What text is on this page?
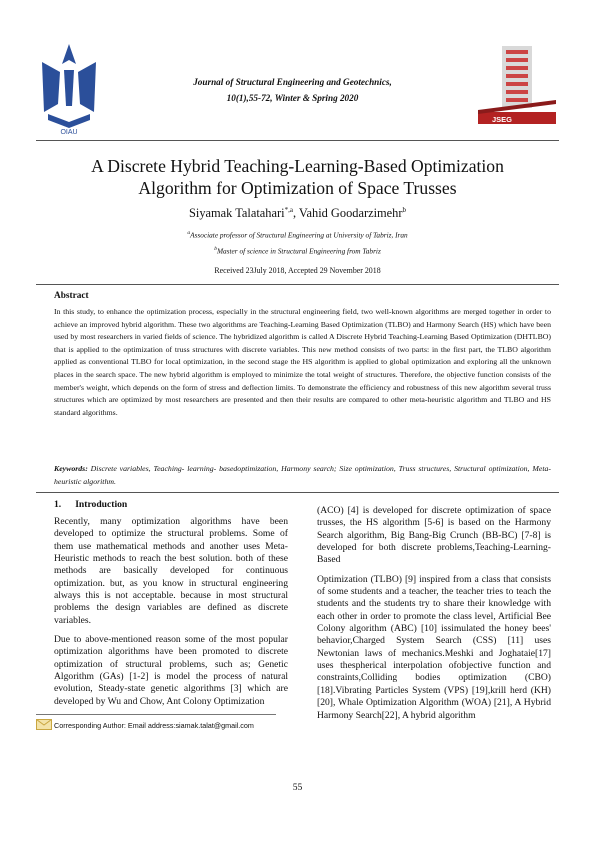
QIAU
Journal of Structural Engineering and Geotechnics,
10(1),55-72, Winter & Spring 2020
JSEG
A Discrete Hybrid Teaching-Learning-Based Optimization
Algorithm for Optimization of Space Trusses
Siyamak Talatahari$^{*,a}$, Vahid Goodarzimehr$^b$
$^a$Associate professor of Structural Engineering at University of Tabriz, Iran
$^b$Master of science in Structural Engineering from Tabriz
Received 23July 2018, Accepted 29 November 2018
Abstract
In this study, to enhance the optimization process, especially in the structural engineering field, two well-known algorithms are merged together in order to achieve an improved hybrid algorithm. These two algorithms are Teaching-Learning Based Optimization (TLBO) and Harmony Search (HS) which have been used by most researchers in varied fields of science. The hybridized algorithm is called A Discrete Hybrid Teaching-Learning Based Optimization (DHTLBO) that is applied to the optimization of truss structures with discrete variables. This new method consists of two parts: in the first part, the TLBO algorithm applied as conventional TLBO for local optimization, in the second stage the HS algorithm is applied to global optimization and exploring all the unknown places in the search space. The new hybrid algorithm is employed to minimize the total weight of structures. Therefore, the objective function consists of the member's weight, which depends on the form of stress and deflection limits. To demonstrate the efficiency and robustness of this new algorithm several truss structures which are optimized by most researchers are presented and then their results are compared to other meta-heuristic algorithm and TLBO and HS standard algorithms.
Keywords: Discrete variables, Teaching- learning- basedoptimization, Harmony search; Size optimization, Truss structures, Structural optimization, Meta-heuristic algorithm.
1. Introduction

Recently, many optimization algorithms have been developed to optimize the structural problems. Some of them use mathematical methods and another uses Meta-Heuristic methods to reach the best solution. both of these methods are basically developed for continuous optimization. but, as you know in structural engineering always this is not acceptable. because in most structural problems the design variables are defined as discrete variables.

Due to above-mentioned reason some of the most popular optimization algorithms have been promoted to discrete optimization of structural problems, such as; Genetic Algorithm (GAs) [1-2] is model the process of natural evolution, Steady-state genetic algorithms [3] which are developed by Wu and Chow, Ant Colony Optimization

(ACO) [4] is developed for discrete optimization of space trusses, the HS algorithm [5-6] is based on the Harmony Search algorithm, Big Bang-Big Crunch (BB-BC) [7-8] is developed for both discrete problems,Teaching-Learning-Based

Optimization (TLBO) [9] inspired from a class that consists of some students and a teacher, the teacher tries to teach the students and the students try to share their knowledge with each other in order to promote the class level, Artificial Bee Colony algorithm (ABC) [10] issimulated the honey bees' behavior,Charged System Search (CSS) [11] uses Newtonian laws of mechanics.Meshki and Joghataie[17] uses thespherical interpolation ofobjective function and constraints,Colliding bodies optimization (CBO) [18].Vibrating Particles System (VPS) [19],krill herd (KH) [20], Whale Optimization Algorithm (WOA) [21], A Hybrid Harmony Search[22], A hybrid algorithm

Corresponding Author: Email address:siamak.talat@gmail.com
55
